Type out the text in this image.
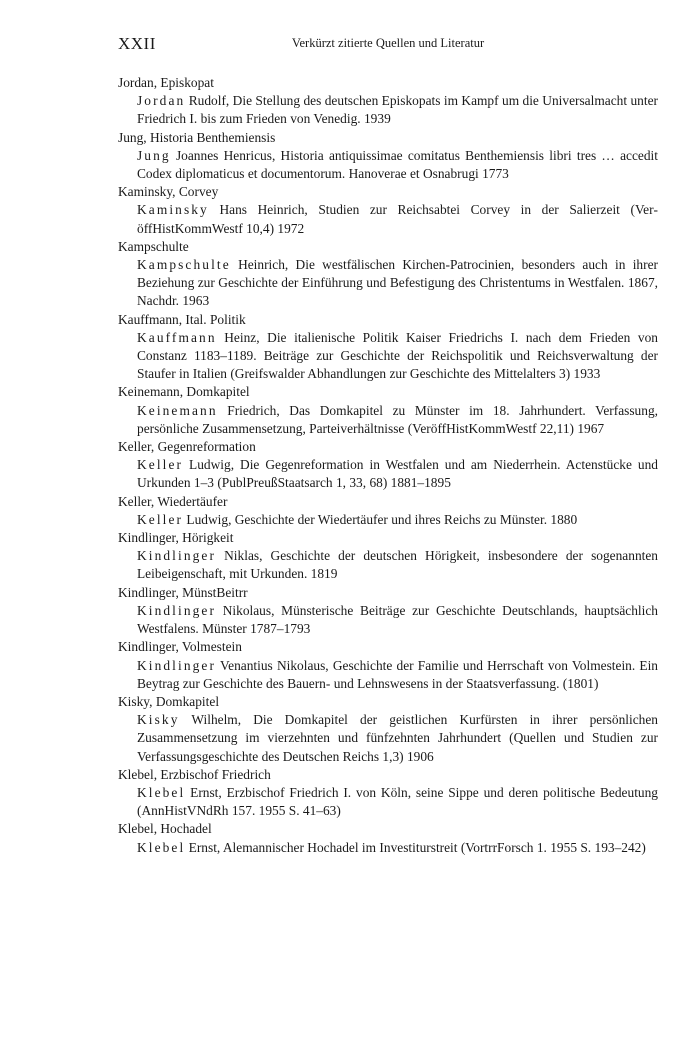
XXII	Verkürzt zitierte Quellen und Literatur
Jordan, Episkopat
Jordan Rudolf, Die Stellung des deutschen Episkopats im Kampf um die Universalmacht unter Friedrich I. bis zum Frieden von Venedig. 1939
Jung, Historia Benthemiensis
Jung Joannes Henricus, Historia antiquissimae comitatus Benthemiensis libri tres … accedit Codex diplomaticus et documentorum. Hanoverae et Osnabrugi 1773
Kaminsky, Corvey
Kaminsky Hans Heinrich, Studien zur Reichsabtei Corvey in der Salierzeit (VeröffHistKommWestf 10,4) 1972
Kampschulte
Kampschulte Heinrich, Die westfälischen Kirchen-Patrocinien, besonders auch in ihrer Beziehung zur Geschichte der Einführung und Befestigung des Christentums in Westfalen. 1867, Nachdr. 1963
Kauffmann, Ital. Politik
Kauffmann Heinz, Die italienische Politik Kaiser Friedrichs I. nach dem Frieden von Constanz 1183–1189. Beiträge zur Geschichte der Reichspolitik und Reichsverwaltung der Staufer in Italien (Greifswalder Abhandlungen zur Geschichte des Mittelalters 3) 1933
Keinemann, Domkapitel
Keinemann Friedrich, Das Domkapitel zu Münster im 18. Jahrhundert. Verfassung, persönliche Zusammensetzung, Parteiverhältnisse (VeröffHistKommWestf 22,11) 1967
Keller, Gegenreformation
Keller Ludwig, Die Gegenreformation in Westfalen und am Niederrhein. Actenstücke und Urkunden 1–3 (PublPreußStaatsarch 1, 33, 68) 1881–1895
Keller, Wiedertäufer
Keller Ludwig, Geschichte der Wiedertäufer und ihres Reichs zu Münster. 1880
Kindlinger, Hörigkeit
Kindlinger Niklas, Geschichte der deutschen Hörigkeit, insbesondere der sogenannten Leibeigenschaft, mit Urkunden. 1819
Kindlinger, MünstBeitrr
Kindlinger Nikolaus, Münsterische Beiträge zur Geschichte Deutschlands, hauptsächlich Westfalens. Münster 1787–1793
Kindlinger, Volmestein
Kindlinger Venantius Nikolaus, Geschichte der Familie und Herrschaft von Volmestein. Ein Beytrag zur Geschichte des Bauern- und Lehnswesens in der Staatsverfassung. (1801)
Kisky, Domkapitel
Kisky Wilhelm, Die Domkapitel der geistlichen Kurfürsten in ihrer persönlichen Zusammensetzung im vierzehnten und fünfzehnten Jahrhundert (Quellen und Studien zur Verfassungsgeschichte des Deutschen Reichs 1,3) 1906
Klebel, Erzbischof Friedrich
Klebel Ernst, Erzbischof Friedrich I. von Köln, seine Sippe und deren politische Bedeutung (AnnHistVNdRh 157. 1955 S. 41–63)
Klebel, Hochadel
Klebel Ernst, Alemannischer Hochadel im Investiturstreit (VortrrForsch 1. 1955 S. 193–242)
